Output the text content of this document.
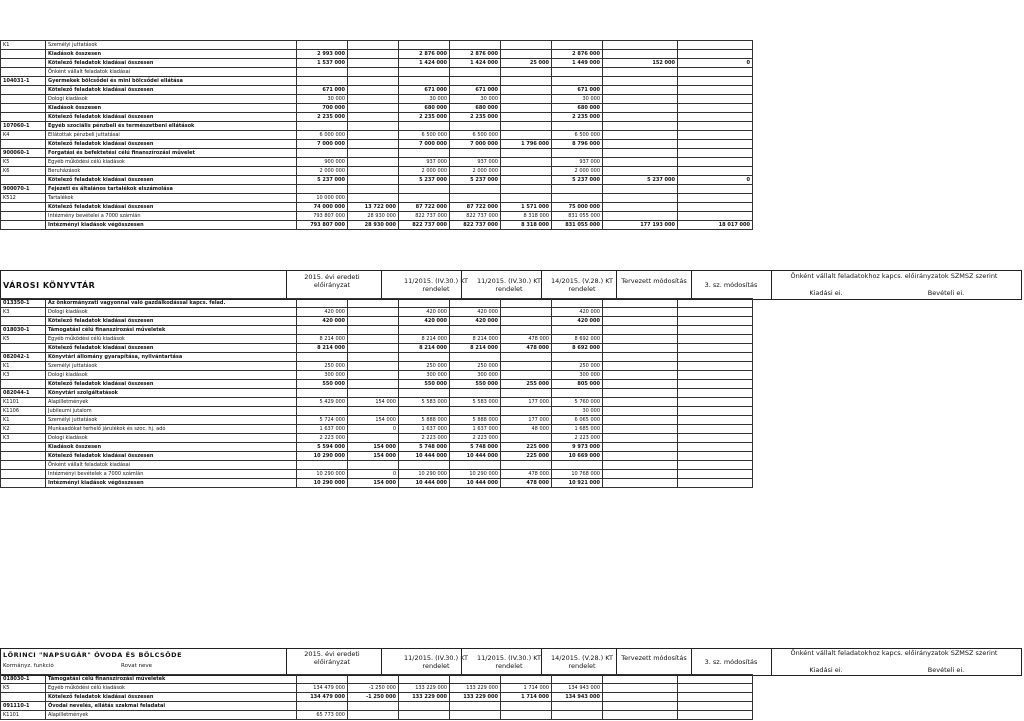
K1	Személyi juttatások								
	Kiadások összesen	2 993 000		2 876 000	2 876 000		2 876 000		
	Kötelező feladatok kiadásai összesen	1 537 000		1 424 000	1 424 000	25 000	1 449 000	152 000	0
	Önként vállalt feladatok kiadásai								
104031-1	Gyermekek bölcsődei és mini bölcsődei ellátása								
	Kötelező feladatok kiadásai összesen	671 000		671 000	671 000		671 000		
	Dologi kiadások	30 000		30 000	30 000		30 000		
	Kiadások összesen	700 000		680 000	680 000		680 000		
	Kötelező feladatok kiadásai összesen	2 235 000		2 235 000	2 235 000		2 235 000		
107060-1	Egyéb szociális pénzbeli és természetbeni ellátások								
K4	Ellátottak pénzbeli juttatásai	6 000 000		6 500 000	6 500 000		6 500 000		
	Kötelező feladatok kiadásai összesen	7 000 000		7 000 000	7 000 000	1 796 000	8 796 000		
900060-1	Forgatási és befektetési célú finanszírozási művelet								
K5	Egyéb működési célú kiadások	900 000		937 000	937 000		937 000		
K6	Beruházások	2 000 000		2 000 000	2 000 000		2 000 000		
	Kötelező feladatok kiadásai összesen	5 237 000		5 237 000	5 237 000		5 237 000	5 237 000	0
900070-1	Fejezeti és általános tartalékok elszámolása								
K512	Tartalékok	10 000 000							
	Kötelező feladatok kiadásai összesen	74 000 000	13 722 000	87 722 000	87 722 000	1 571 000	75 000 000		
	Intézmény bevételei a 7000 számlán	793 807 000	28 930 000	822 737 000	822 737 000	8 318 000	831 055 000		
	Intézményi kiadások végösszesen	793 807 000	28 930 000	822 737 000	822 737 000	8 318 000	831 055 000	177 193 000	18 017 000
VÁROSI KÖNYVTÁR
2015. évi eredeti előirányzat	11/2015. (IV.30.) KT rendelet
11/2015. (IV.30.) KT rendelet
14/2015. (V.28.) KT rendelet
Tervezett módosítás	3. sz. módosítás
Önként vállalt feladatokhoz kapcs. előirányzatok SZMSZ szerint
Kiadási ei.	Bevételi ei.
013350-1	Az önkormányzati vagyonnal való gazdálkodással kapcs. felad.								
K3	Dologi kiadások	420 000		420 000	420 000		420 000		
	Kötelező feladatok kiadásai összesen	420 000		420 000	420 000		420 000		
018030-1	Támogatási célú finanszírozási műveletek								
K5	Egyéb működési célú kiadások	8 214 000		8 214 000	8 214 000	478 000	8 692 000		
	Kötelező feladatok kiadásai összesen	8 214 000		8 214 000	8 214 000	478 000	8 692 000		
082042-1	Könyvtári állomány gyarapítása, nyilvántartása								
K1	Személyi juttatások	250 000		250 000	250 000		250 000		
K3	Dologi kiadások	300 000		300 000	300 000		300 000		
	Kötelező feladatok kiadásai összesen	550 000		550 000	550 000	255 000	805 000		
082044-1	Könyvtári szolgáltatások								
K1101	Alapilletmények	5 429 000	154 000	5 583 000	5 583 000	177 000	5 760 000		
K1106	Jubileumi jutalom						30 000		
K1	Személyi juttatások	5 724 000	154 000	5 888 000	5 888 000	177 000	6 065 000		
K2	Munkaadókat terhelő járulékok és szoc. hj. adó	1 637 000	0	1 637 000	1 637 000	48 000	1 685 000		
K3	Dologi kiadások	2 223 000		2 223 000	2 223 000		2 223 000		
	Kiadások összesen	5 594 000	154 000	5 748 000	5 748 000	225 000	9 973 000		
	Kötelező feladatok kiadásai összesen	10 290 000	154 000	10 444 000	10 444 000	225 000	10 669 000		
	Önként vállalt feladatok kiadásai								
	Intézményi bevételek a 7000 számlán	10 290 000	0	10 290 000	10 290 000	478 000	10 768 000		
	Intézményi kiadások végösszesen	10 290 000	154 000	10 444 000	10 444 000	478 000	10 921 000		
LŐRINCI "NAPSUGÁR" ÓVODA ÉS BÖLCSŐDE
Kormányz. funkció	Rovat neve
2015. évi eredeti előirányzat	11/2015. (IV.30.) KT rendelet
11/2015. (IV.30.) KT rendelet
14/2015. (V.28.) KT rendelet
Tervezett módosítás	3. sz. módosítás
Önként vállalt feladatokhoz kapcs. előirányzatok SZMSZ szerint
Kiadási ei.	Bevételi ei.
018030-1	Támogatási célú finanszírozási műveletek								
K5	Egyéb működési célú kiadások	134 479 000	-1 250 000	133 229 000	133 229 000	1 714 000	134 943 000		
	Kötelező feladatok kiadásai összesen	134 479 000	-1 250 000	133 229 000	133 229 000	1 714 000	134 943 000		
091110-1	Óvodai nevelés, ellátás szakmai feladatai								
K1101	Alapilletmények	65 773 000							
